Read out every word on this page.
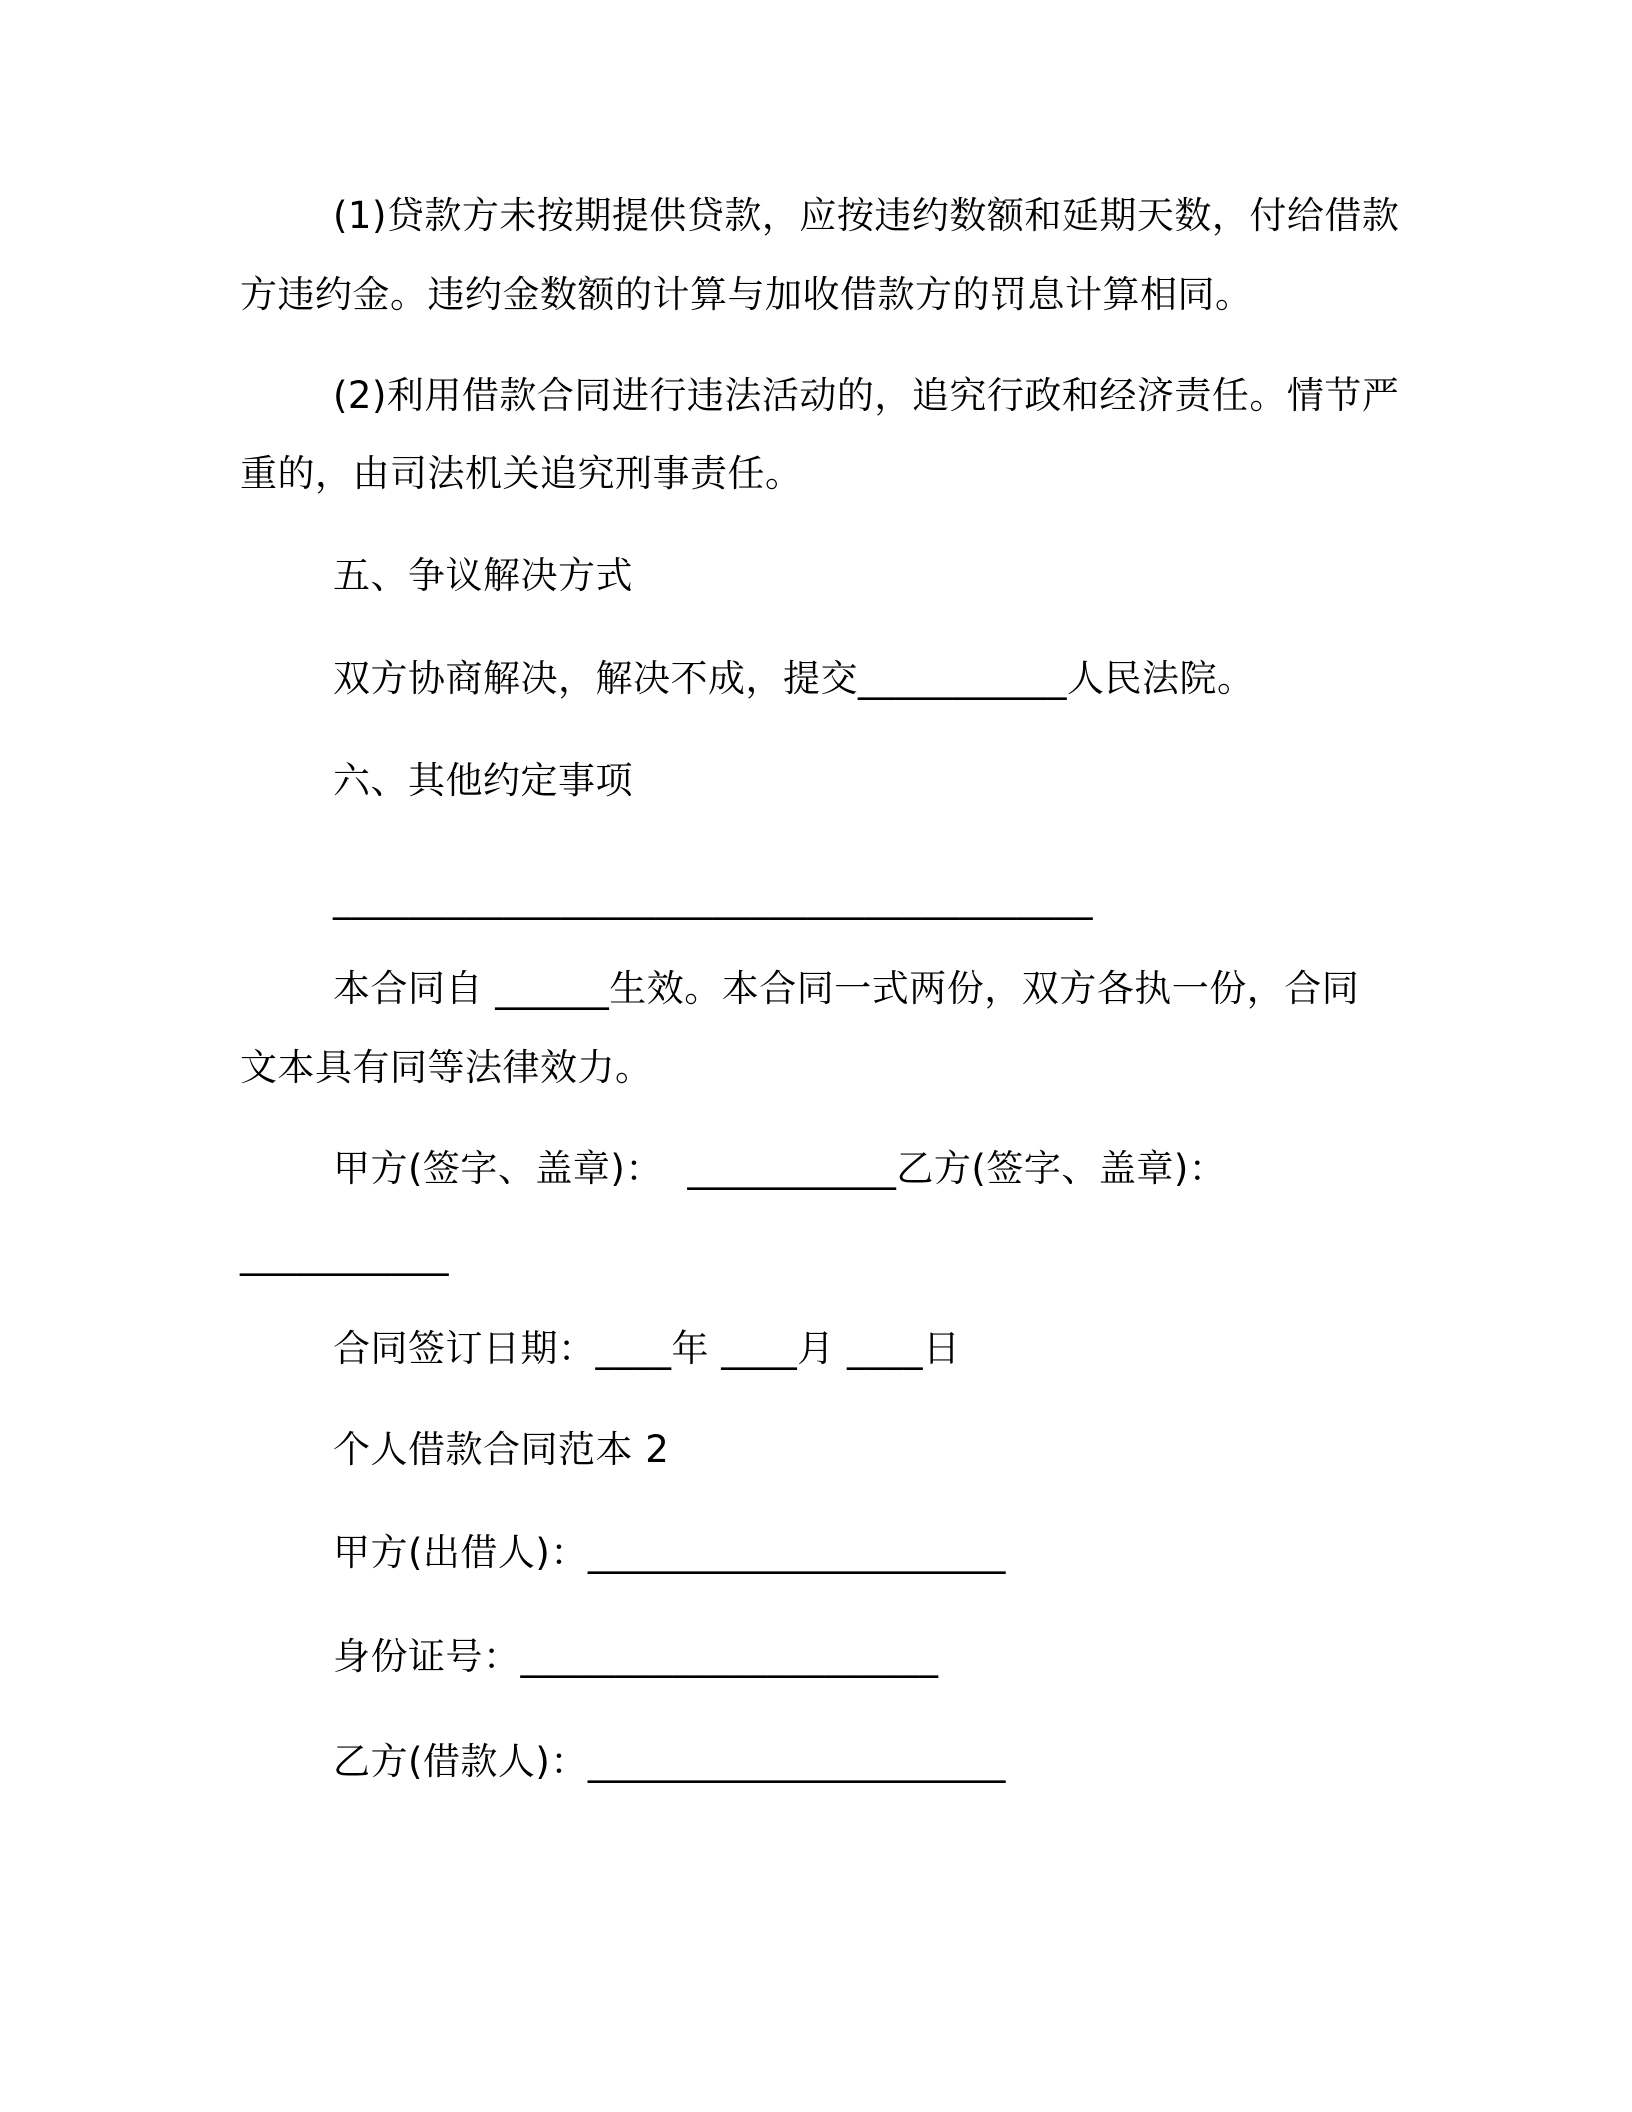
(1)贷款方未按期提供贷款，应按违约数额和延期天数，付给借款
方违约金。违约金数额的计算与加收借款方的罚息计算相同。
(2)利用借款合同进行违法活动的，追究行政和经济责任。情节严
重的，由司法机关追究刑事责任。
五、争议解决方式
双方协商解决，解决不成，提交___________人民法院。
六、其他约定事项
________________________________________
本合同自 ______生效。本合同一式两份，双方各执一份，合同
文本具有同等法律效力。
甲方(签字、盖章)：  ___________乙方(签字、盖章)：
___________
合同签订日期：____年 ____月 ____日
个人借款合同范本 2
甲方(出借人)：______________________
身份证号：______________________
乙方(借款人)：______________________
